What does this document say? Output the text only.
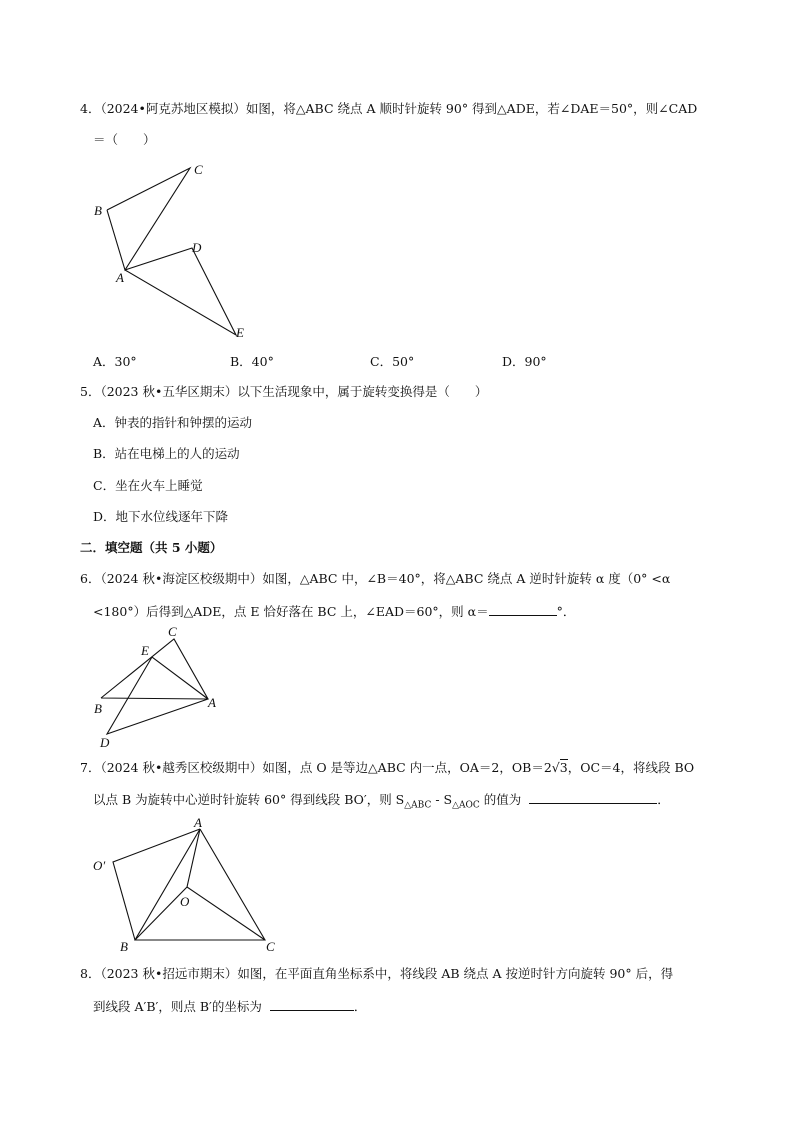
4．（2024•阿克苏地区模拟）如图，将△ABC 绕点 A 顺时针旋转 90° 得到△ADE，若∠DAE＝50°，则∠CAD
＝（　　）
B
C
A
D
E
A．30°	B．40°	C．50°	D．90°
5．（2023 秋•五华区期末）以下生活现象中，属于旋转变换得是（　　）
A．钟表的指针和钟摆的运动
B．站在电梯上的人的运动
C．坐在火车上睡觉
D．地下水位线逐年下降
二．填空题（共 5 小题）
6．（2024 秋•海淀区校级期中）如图，△ABC 中，∠B＝40°，将△ABC 绕点 A 逆时针旋转 α 度（0° <α
<180°）后得到△ADE，点 E 恰好落在 BC 上，∠EAD＝60°，则 α＝	°．
C
E
B	A
D
7．（2024 秋•越秀区校级期中）如图，点 O 是等边△ABC 内一点，OA＝2，OB＝2√3，OC＝4，将线段 BO
以点 B 为旋转中心逆时针旋转 60° 得到线段 BO′，则 $S_{\triangle ABC} - S_{\triangle AOC}$ 的值为	．
A
O′
O
B	C
8．（2023 秋•招远市期末）如图，在平面直角坐标系中，将线段 AB 绕点 A 按逆时针方向旋转 90° 后，得
到线段 A′B′，则点 B′的坐标为	．
